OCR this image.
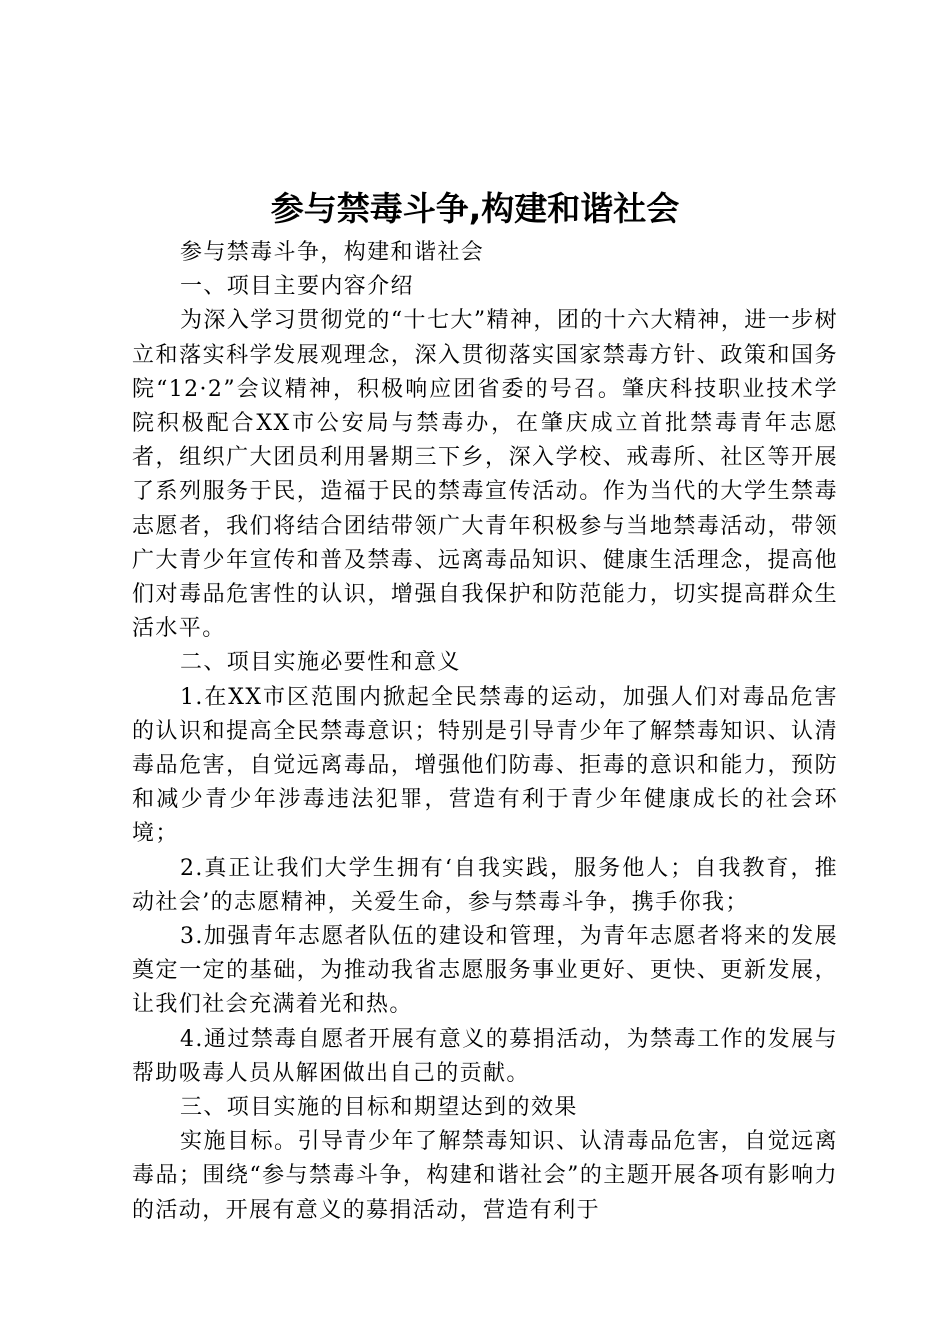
参与禁毒斗争,构建和谐社会

参与禁毒斗争，构建和谐社会

一、项目主要内容介绍

为深入学习贯彻党的“十七大”精神，团的十六大精神，进一步树立和落实科学发展观理念，深入贯彻落实国家禁毒方针、政策和国务院“12·2”会议精神，积极响应团省委的号召。肇庆科技职业技术学院积极配合XX市公安局与禁毒办，在肇庆成立首批禁毒青年志愿者，组织广大团员利用暑期三下乡，深入学校、戒毒所、社区等开展了系列服务于民，造福于民的禁毒宣传活动。作为当代的大学生禁毒志愿者，我们将结合团结带领广大青年积极参与当地禁毒活动，带领广大青少年宣传和普及禁毒、远离毒品知识、健康生活理念，提高他们对毒品危害性的认识，增强自我保护和防范能力，切实提高群众生活水平。

二、项目实施必要性和意义

1.在XX市区范围内掀起全民禁毒的运动，加强人们对毒品危害的认识和提高全民禁毒意识；特别是引导青少年了解禁毒知识、认清毒品危害，自觉远离毒品，增强他们防毒、拒毒的意识和能力，预防和减少青少年涉毒违法犯罪，营造有利于青少年健康成长的社会环境；

2.真正让我们大学生拥有‘自我实践，服务他人；自我教育，推动社会’的志愿精神，关爱生命，参与禁毒斗争，携手你我；

3.加强青年志愿者队伍的建设和管理，为青年志愿者将来的发展奠定一定的基础，为推动我省志愿服务事业更好、更快、更新发展，让我们社会充满着光和热。

4.通过禁毒自愿者开展有意义的募捐活动，为禁毒工作的发展与帮助吸毒人员从解困做出自己的贡献。

三、项目实施的目标和期望达到的效果

实施目标。引导青少年了解禁毒知识、认清毒品危害，自觉远离毒品；围绕“参与禁毒斗争，构建和谐社会”的主题开展各项有影响力的活动，开展有意义的募捐活动，营造有利于
